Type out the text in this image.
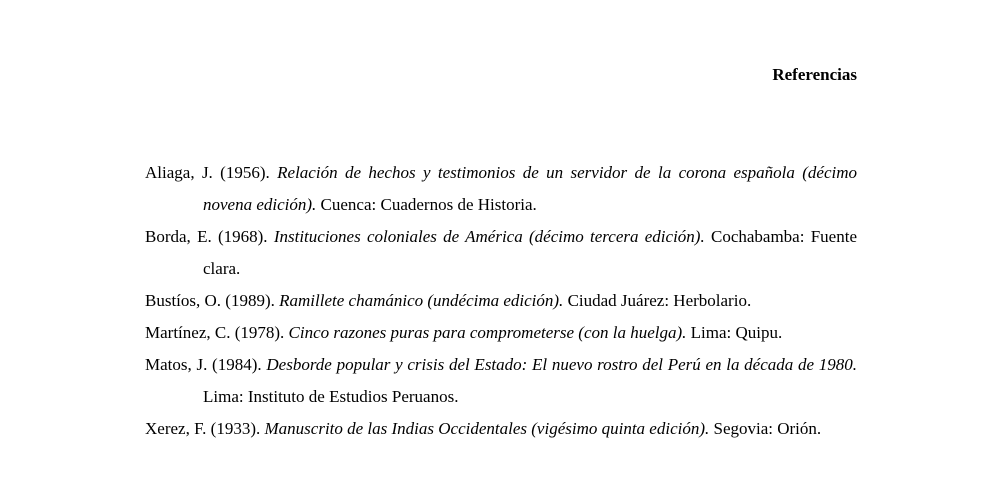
Referencias
Aliaga, J. (1956). Relación de hechos y testimonios de un servidor de la corona española (décimo novena edición). Cuenca: Cuadernos de Historia.
Borda, E. (1968). Instituciones coloniales de América (décimo tercera edición). Cochabamba: Fuente clara.
Bustíos, O. (1989). Ramillete chamánico (undécima edición). Ciudad Juárez: Herbolario.
Martínez, C. (1978). Cinco razones puras para comprometerse (con la huelga). Lima: Quipu.
Matos, J. (1984). Desborde popular y crisis del Estado: El nuevo rostro del Perú en la década de 1980. Lima: Instituto de Estudios Peruanos.
Xerez, F. (1933). Manuscrito de las Indias Occidentales (vigésimo quinta edición). Segovia: Orión.
